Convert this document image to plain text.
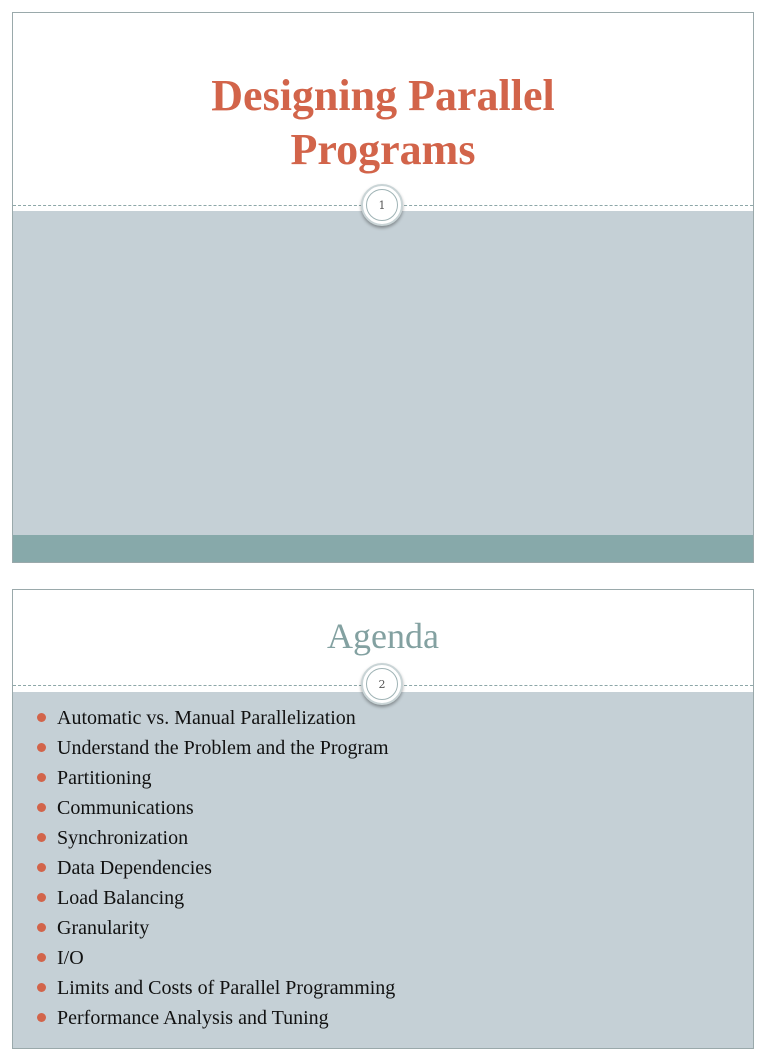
Designing Parallel
Programs
1
Agenda
2
Automatic vs. Manual Parallelization
Understand the Problem and the Program
Partitioning
Communications
Synchronization
Data Dependencies
Load Balancing
Granularity
I/O
Limits and Costs of Parallel Programming
Performance Analysis and Tuning
